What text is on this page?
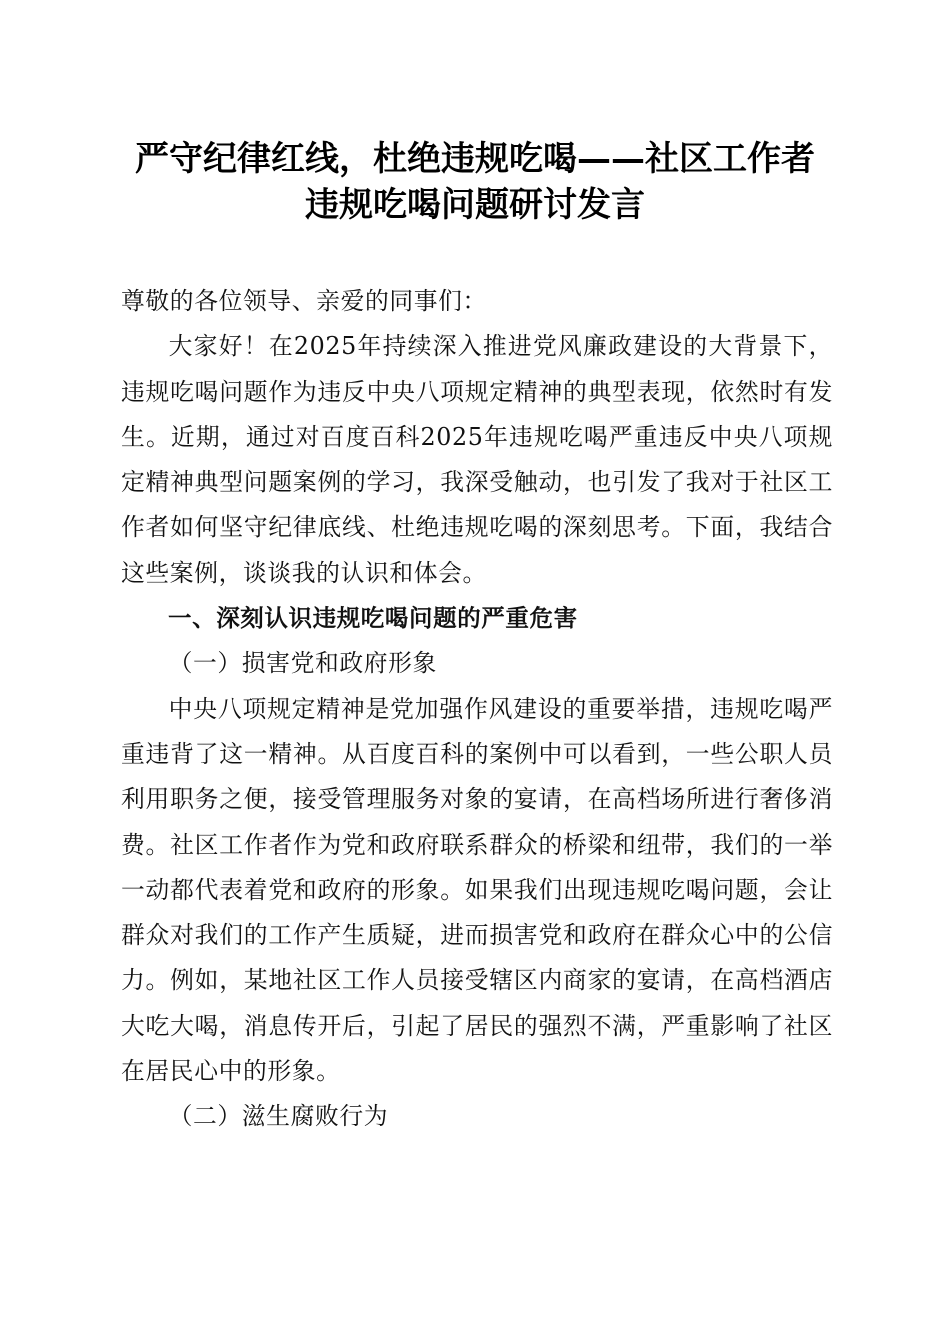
严守纪律红线，杜绝违规吃喝——社区工作者
违规吃喝问题研讨发言

尊敬的各位领导、亲爱的同事们：

大家好！在2025年持续深入推进党风廉政建设的大背景下，违规吃喝问题作为违反中央八项规定精神的典型表现，依然时有发生。近期，通过对百度百科2025年违规吃喝严重违反中央八项规定精神典型问题案例的学习，我深受触动，也引发了我对于社区工作者如何坚守纪律底线、杜绝违规吃喝的深刻思考。下面，我结合这些案例，谈谈我的认识和体会。

一、深刻认识违规吃喝问题的严重危害

（一）损害党和政府形象

中央八项规定精神是党加强作风建设的重要举措，违规吃喝严重违背了这一精神。从百度百科的案例中可以看到，一些公职人员利用职务之便，接受管理服务对象的宴请，在高档场所进行奢侈消费。社区工作者作为党和政府联系群众的桥梁和纽带，我们的一举一动都代表着党和政府的形象。如果我们出现违规吃喝问题，会让群众对我们的工作产生质疑，进而损害党和政府在群众心中的公信力。例如，某地社区工作人员接受辖区内商家的宴请，在高档酒店大吃大喝，消息传开后，引起了居民的强烈不满，严重影响了社区在居民心中的形象。

（二）滋生腐败行为
